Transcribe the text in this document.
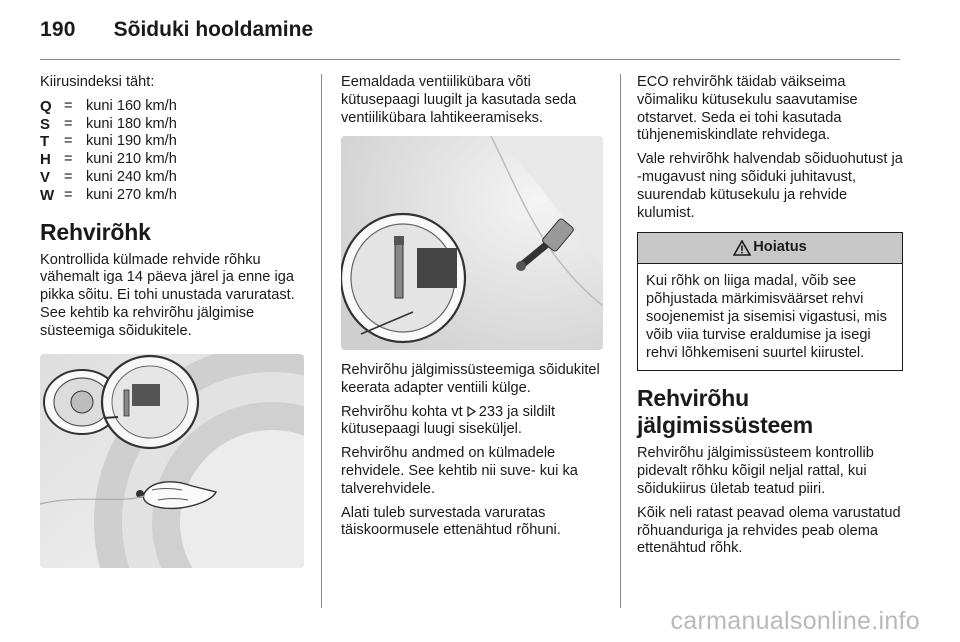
190 Sõiduki hooldamine

Kiirusindeksi täht:

Q = kuni 160 km/h
S = kuni 180 km/h
T	= kuni 190 km/h
H = kuni 210 km/h
V = kuni 240 km/h
W = kuni 270 km/h
Rehvirõhk

Kontrollida külmade rehvide rõhku vähemalt iga 14 päeva järel ja enne iga pikka sõitu. Ei tohi unustada varuratast. See kehtib ka rehvirõhu jälgimise süsteemiga sõidukitele.

Eemaldada ventiilikübara võti kütusepaagi luugilt ja kasutada seda ventiilikübara lahtikeeramiseks.

Rehvirõhu jälgimissüsteemiga sõidukitel keerata adapter ventiili külge.

Rehvirõhu kohta vt 233 ja sildilt kütusepaagi luugi siseküljel.

Rehvirõhu andmed on külmadele rehvidele. See kehtib nii suve- kui ka talverehvidele.

Alati tuleb survestada varuratas täiskoormusele ettenähtud rõhuni.

ECO rehvirõhk täidab väikseima võimaliku kütusekulu saavutamise otstarvet. Seda ei tohi kasutada tühjenemiskindlate rehvidega.

Vale rehvirõhk halvendab sõiduohutust ja -mugavust ning sõiduki juhitavust, suurendab kütusekulu ja rehvide kulumist.

Hoiatus
Kui rõhk on liiga madal, võib see põhjustada märkimisväärset rehvi soojenemist ja sisemisi vigastusi, mis võib viia turvise eraldumise ja isegi rehvi lõhkemiseni suurtel kiirustel.
Rehvirõhu jälgimissüsteem

Rehvirõhu jälgimissüsteem kontrollib pidevalt rõhku kõigil neljal rattal, kui sõidukiirus ületab teatud piiri.

Kõik neli ratast peavad olema varustatud rõhuanduriga ja rehvides peab olema ettenähtud rõhk.

carmanualsonline.info
